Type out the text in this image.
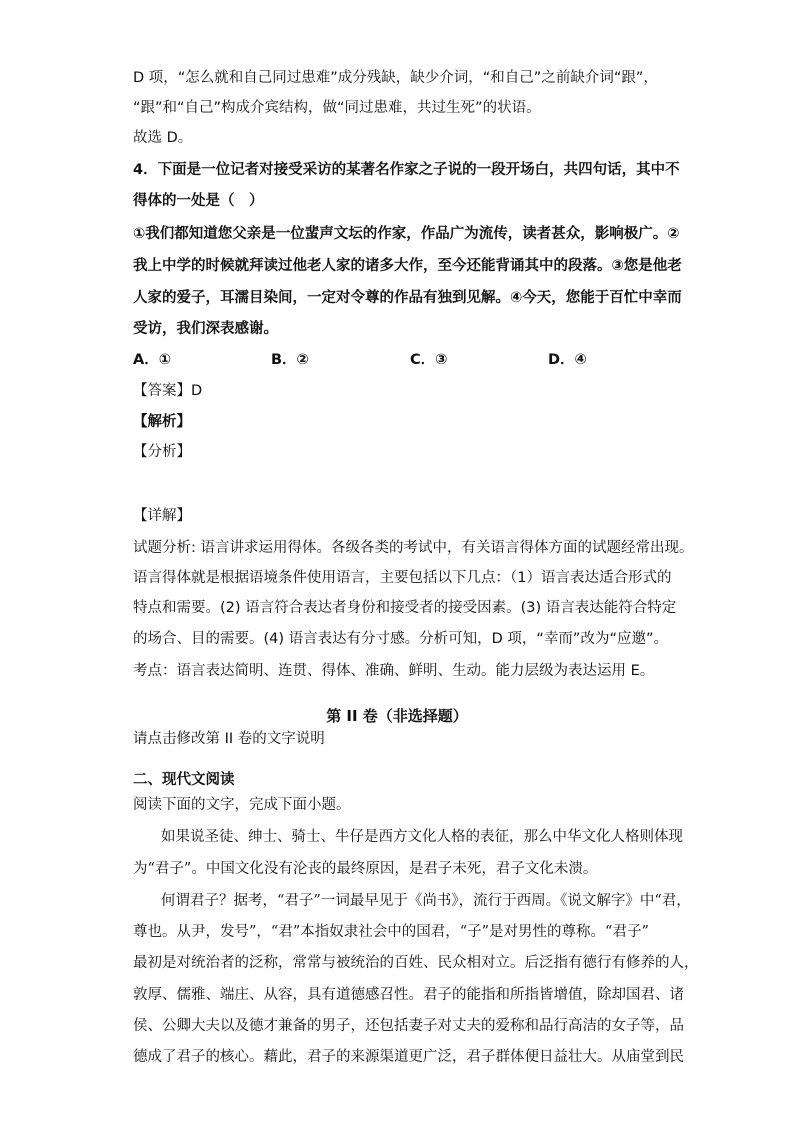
D 项，“怎么就和自己同过患难”成分残缺，缺少介词，“和自己”之前缺介词“跟”，
“跟”和“自己”构成介宾结构，做“同过患难，共过生死”的状语。
故选 D。
4．下面是一位记者对接受采访的某著名作家之子说的一段开场白，共四句话，其中不
得体的一处是（　）
①我们都知道您父亲是一位蜚声文坛的作家，作品广为流传，读者甚众，影响极广。②
我上中学的时候就拜读过他老人家的诸多大作，至今还能背诵其中的段落。③您是他老
人家的爱子，耳濡目染间，一定对令尊的作品有独到见解。④今天，您能于百忙中幸而
受访，我们深表感谢。
A．①	B．②	C．③	D．④
【答案】D
【解析】
【分析】
【详解】
试题分析: 语言讲求运用得体。各级各类的考试中，有关语言得体方面的试题经常出现。
语言得体就是根据语境条件使用语言，主要包括以下几点：（1）语言表达适合形式的
特点和需要。(2) 语言符合表达者身份和接受者的接受因素。(3) 语言表达能符合特定
的场合、目的需要。(4) 语言表达有分寸感。分析可知，D 项，“幸而”改为“应邀”。
考点：语言表达简明、连贯、得体、准确、鲜明、生动。能力层级为表达运用 E。
第 II 卷（非选择题）
请点击修改第 II 卷的文字说明
二、现代文阅读
阅读下面的文字，完成下面小题。
如果说圣徒、绅士、骑士、牛仔是西方文化人格的表征，那么中华文化人格则体现
为“君子”。中国文化没有沦丧的最终原因，是君子未死，君子文化未溃。
何谓君子？据考，“君子”一词最早见于《尚书》，流行于西周。《说文解字》中“君，
尊也。从尹，发号”，“君”本指奴隶社会中的国君，“子”是对男性的尊称。“君子”
最初是对统治者的泛称，常常与被统治的百姓、民众相对立。后泛指有德行有修养的人，
敦厚、儒雅、端庄、从容，具有道德感召性。君子的能指和所指皆增值，除却国君、诸
侯、公卿大夫以及德才兼备的男子，还包括妻子对丈夫的爱称和品行高洁的女子等，品
德成了君子的核心。藉此，君子的来源渠道更广泛，君子群体便日益壮大。从庙堂到民
